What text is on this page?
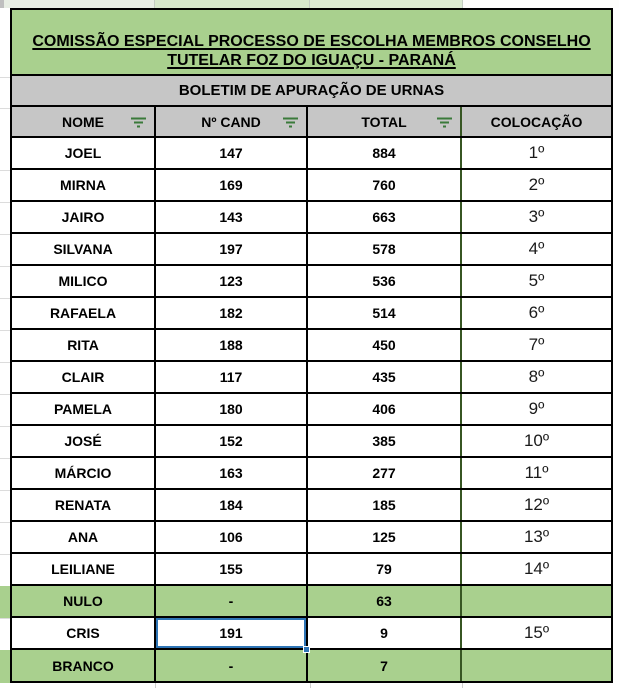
COMISSÃO ESPECIAL PROCESSO DE ESCOLHA MEMBROS CONSELHO
TUTELAR FOZ DO IGUAÇU - PARANÁ
BOLETIM DE APURAÇÃO DE URNAS
NOME	Nº CAND	TOTAL	COLOCAÇÃO
JOEL	147	884	1º
MIRNA	169	760	2º
JAIRO	143	663	3º
SILVANA	197	578	4º
MILICO	123	536	5º
RAFAELA	182	514	6º
RITA	188	450	7º
CLAIR	117	435	8º
PAMELA	180	406	9º
JOSÉ	152	385	10º
MÁRCIO	163	277	11º
RENATA	184	185	12º
ANA	106	125	13º
LEILIANE	155	79	14º
NULO	-	63
CRIS	191	9	15º
BRANCO	-	7
